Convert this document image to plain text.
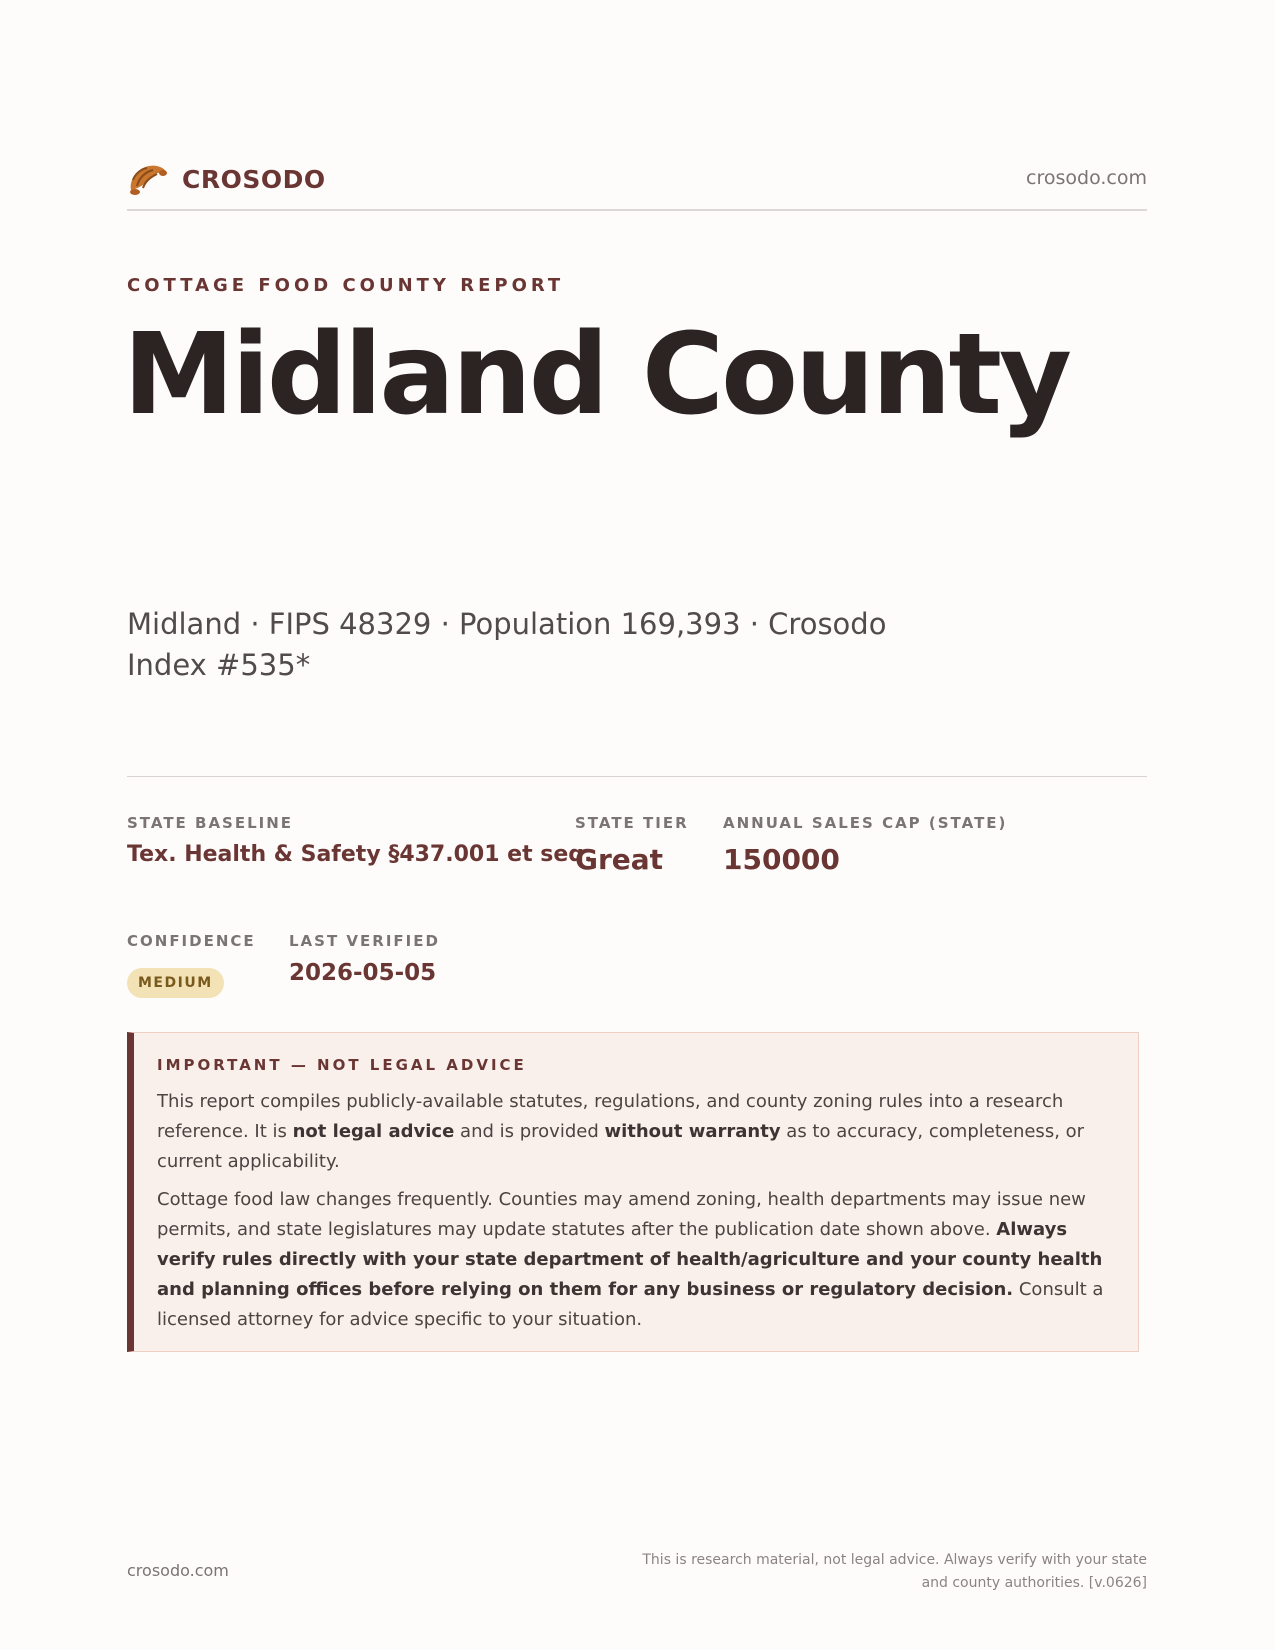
CROSODO	crosodo.com
COTTAGE FOOD COUNTY REPORT
Midland County
Midland · FIPS 48329 · Population 169,393 · Crosodo Index #535*
STATE BASELINE
Tex. Health & Safety §437.001 et seq.
STATE TIER
Great
ANNUAL SALES CAP (STATE)
150000
CONFIDENCE
MEDIUM
LAST VERIFIED
2026-05-05
IMPORTANT — NOT LEGAL ADVICE

This report compiles publicly-available statutes, regulations, and county zoning rules into a research reference. It is not legal advice and is provided without warranty as to accuracy, completeness, or current applicability.

Cottage food law changes frequently. Counties may amend zoning, health departments may issue new permits, and state legislatures may update statutes after the publication date shown above. Always verify rules directly with your state department of health/agriculture and your county health and planning offices before relying on them for any business or regulatory decision. Consult a licensed attorney for advice specific to your situation.

crosodo.com
This is research material, not legal advice. Always verify with your state
and county authorities. [v.0626]
